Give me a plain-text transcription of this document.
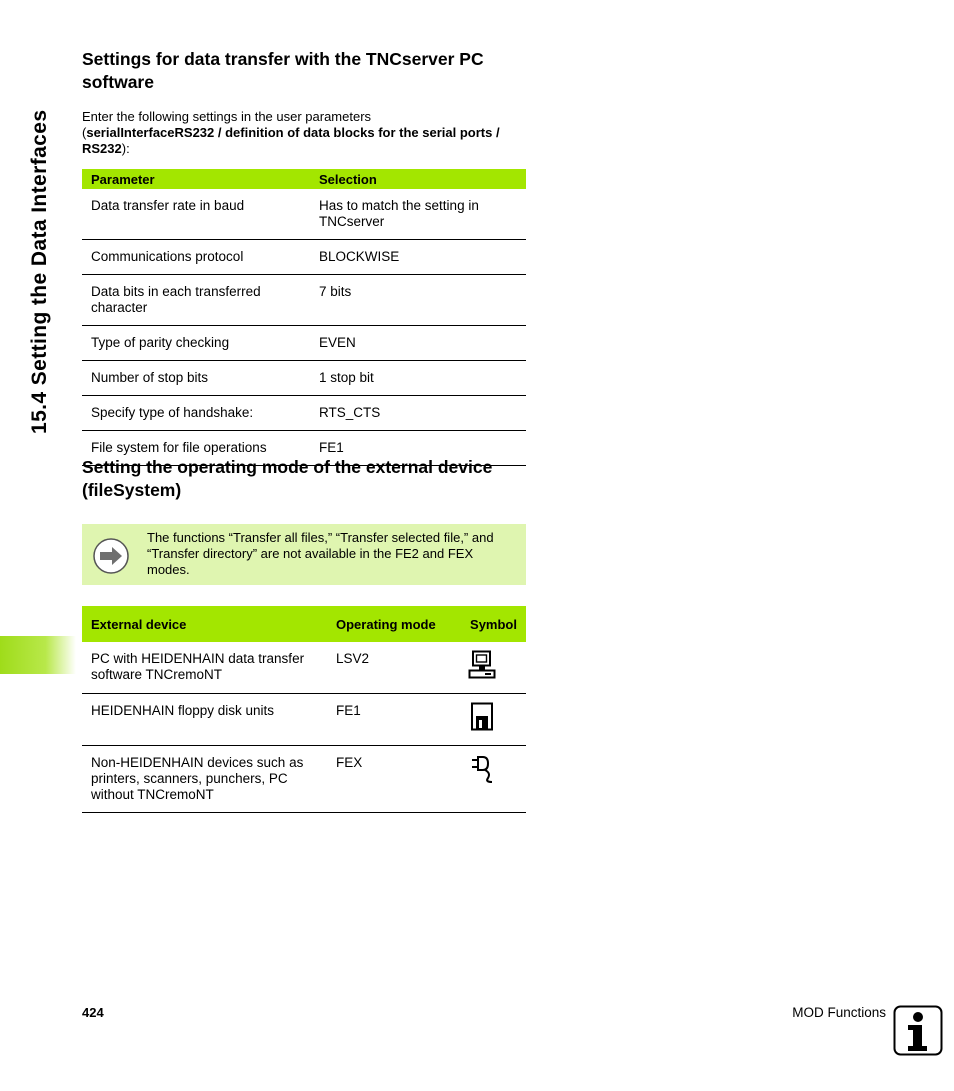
15.4 Setting the Data Interfaces
Settings for data transfer with the TNCserver PC software
Enter the following settings in the user parameters
(serialInterfaceRS232 / definition of data blocks for the serial ports / RS232):
Parameter	Selection
Data transfer rate in baud	Has to match the setting in TNCserver
Communications protocol	BLOCKWISE
Data bits in each transferred character	7 bits
Type of parity checking	EVEN
Number of stop bits	1 stop bit
Specify type of handshake:	RTS_CTS
File system for file operations	FE1
Setting the operating mode of the external device (fileSystem)
The functions “Transfer all files,” “Transfer selected file,” and “Transfer directory” are not available in the FE2 and FEX modes.
External device	Operating mode	Symbol
PC with HEIDENHAIN data transfer software TNCremoNT	LSV2	
HEIDENHAIN floppy disk units	FE1	
Non-HEIDENHAIN devices such as printers, scanners, punchers, PC without TNCremoNT	FEX	
424	MOD Functions
